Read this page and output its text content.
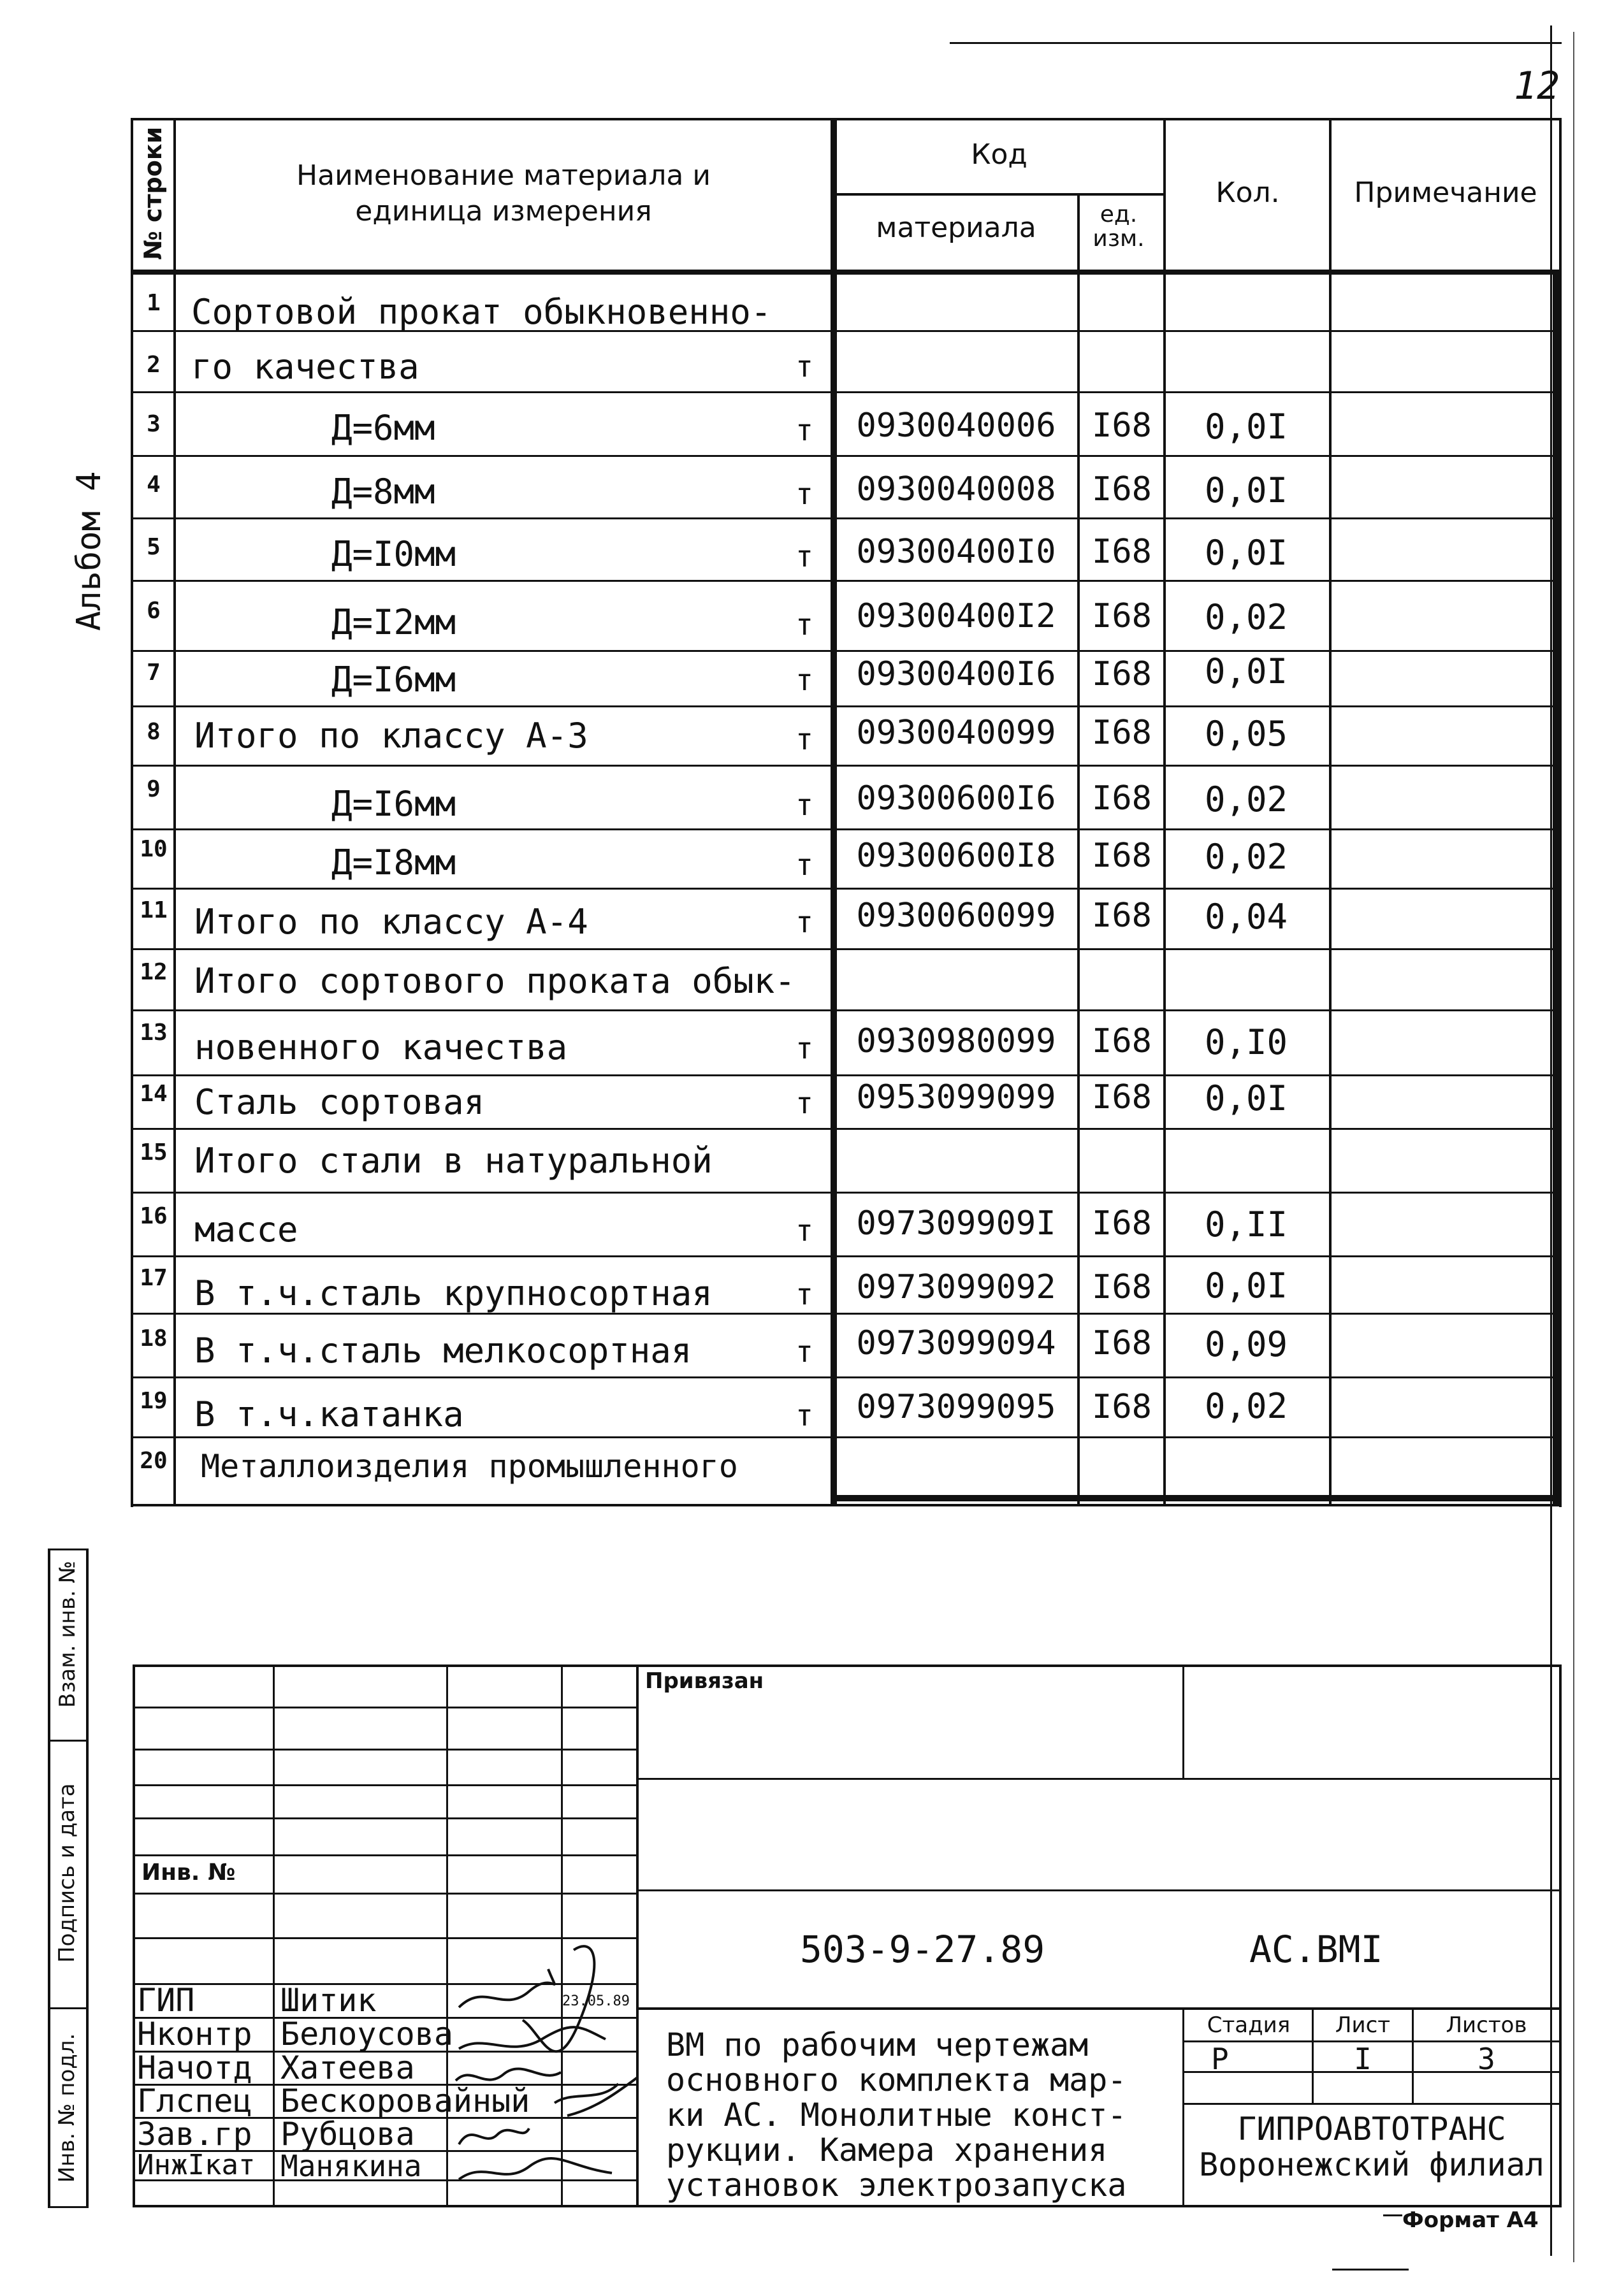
12
Альбом 4
№ строки	Наименование материала и единица измерения
Код
материала	ед. изм.
Кол.	Примечание
1 Сортовой прокат обыкновенно-
2 го качества	т
3	Д=6мм	т	0930040006	I68	0,0I
4	Д=8мм	т	0930040008	I68	0,0I
5	Д=I0мм	т	09300400I0	I68	0,0I
6	Д=I2мм	т	09300400I2	I68	0,02
7	Д=I6мм	т	09300400I6	I68	0,0I
8 Итого по классу А-3	т	0930040099	I68	0,05
9	Д=I6мм	т	09300600I6	I68	0,02
10	Д=I8мм	т	09300600I8	I68	0,02
11 Итого по классу А-4	т	0930060099	I68	0,04
12 Итого сортового проката обык-
13 новенного качества	т	0930980099	I68	0,I0
14 Сталь сортовая	т	0953099099	I68	0,0I
15 Итого стали в натуральной
16 массе	т	097309909I	I68	0,II
17 В т.ч.сталь крупносортная	т	0973099092	I68	0,0I
18 В т.ч.сталь мелкосортная	т	0973099094	I68	0,09
19 В т.ч.катанка	т	0973099095	I68	0,02
20 Металлоизделия промышленного
Взам. инв. №
Подпись и дата
Инв. № подл.
Привязан
Инв. №
503-9-27.89	АС.ВМI
ГИП	Шитик
Нконтр Белоусова
Начотд Хатеева
Глспец Бескоровайный
Зав.гр Рубцова
ИнжIкат Манякина
23.05.89
ВМ по рабочим чертежам
основного комплекта мар-
ки АС. Монолитные конст-
рукции. Камера хранения
установок электрозапуска
Стадия	Лист	Листов
Р	I	3
ГИПРОАВТОТРАНС
Воронежский филиал
Формат А4
